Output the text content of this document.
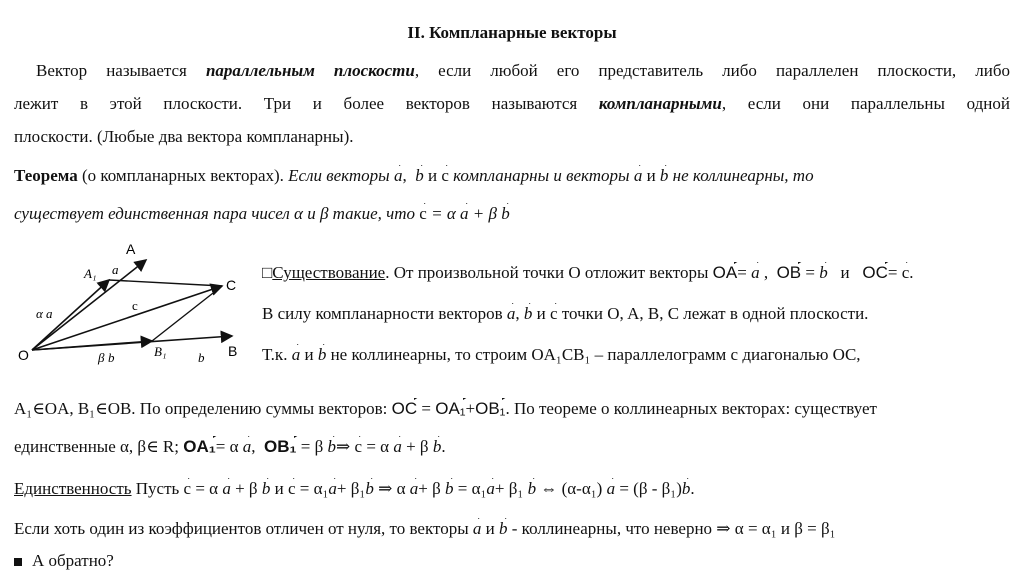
II. Компланарные векторы
Вектор называется параллельным плоскости, если любой его представитель либо параллелен плоскости, либо
лежит в этой плоскости. Три и более векторов называются компланарными, если они параллельны одной
плоскости. (Любые два вектора компланарны).
Теорема (о компланарных векторах). Если векторы a,  b и c компланарны и векторы a и b не коллинеарны, то
существует единственная пара чисел α и β такие, что c = α a + β b
O
A
A₁
C
B₁	B
a
α a
c
β b	b
□Существование. От произвольной точки O отложит векторы OA= a ,  OB = b   и   OC= c.
В силу компланарности векторов a, b и c точки O, A, B, C лежат в одной плоскости.
Т.к. a и b не коллинеарны, то строим OA₁CB₁ – параллелограмм с диагональю OC,
A₁∈OA, B₁∈OB. По определению суммы векторов: OC = OA₁+OB₁. По теореме о коллинеарных векторах: существует
единственные α, β∈ R; OA₁= α a,  OB₁ = β b⇒ c = α a + β b.
Единственность Пусть c = α a + β b и c = α₁a+ β₁b ⇒ α a+ β b = α₁a+ β₁ b ⇔ (α-α₁) a = (β - β₁)b.
Если хоть один из коэффициентов отличен от нуля, то векторы a и b - коллинеарны, что неверно ⇒ α = α₁ и β = β₁
А обратно?
